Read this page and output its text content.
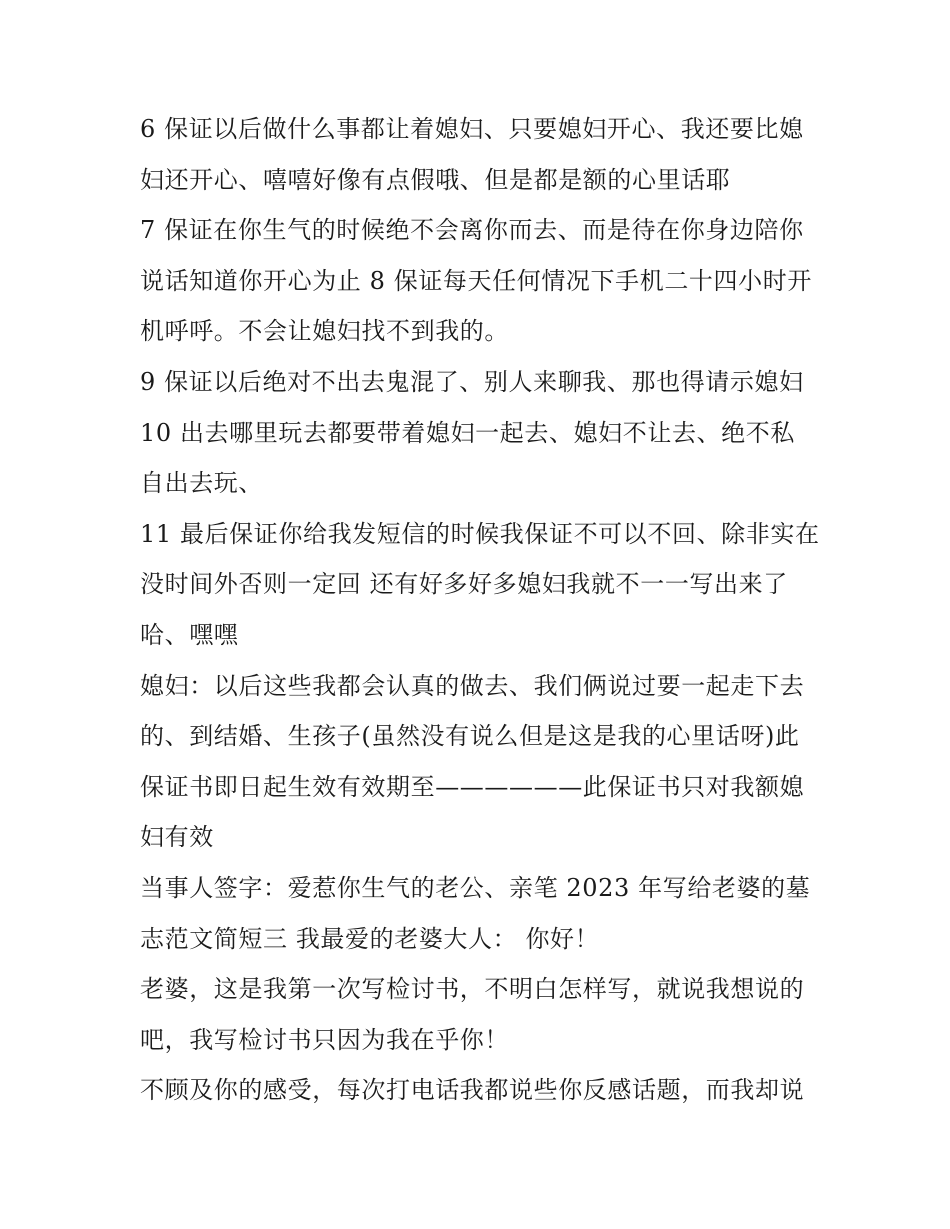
6 保证以后做什么事都让着媳妇、只要媳妇开心、我还要比媳

妇还开心、嘻嘻好像有点假哦、但是都是额的心里话耶

7 保证在你生气的时候绝不会离你而去、而是待在你身边陪你

说话知道你开心为止 8 保证每天任何情况下手机二十四小时开

机呼呼。不会让媳妇找不到我的。

9 保证以后绝对不出去鬼混了、别人来聊我、那也得请示媳妇

10 出去哪里玩去都要带着媳妇一起去、媳妇不让去、绝不私

自出去玩、

11 最后保证你给我发短信的时候我保证不可以不回、除非实在

没时间外否则一定回 还有好多好多媳妇我就不一一写出来了

哈、嘿嘿

媳妇：以后这些我都会认真的做去、我们俩说过要一起走下去

的、到结婚、生孩子(虽然没有说么但是这是我的心里话呀)此

保证书即日起生效有效期至——————此保证书只对我额媳

妇有效

当事人签字：爱惹你生气的老公、亲笔 2023 年写给老婆的墓

志范文简短三 我最爱的老婆大人： 你好！

老婆，这是我第一次写检讨书，不明白怎样写，就说我想说的

吧，我写检讨书只因为我在乎你！

不顾及你的感受，每次打电话我都说些你反感话题，而我却说
